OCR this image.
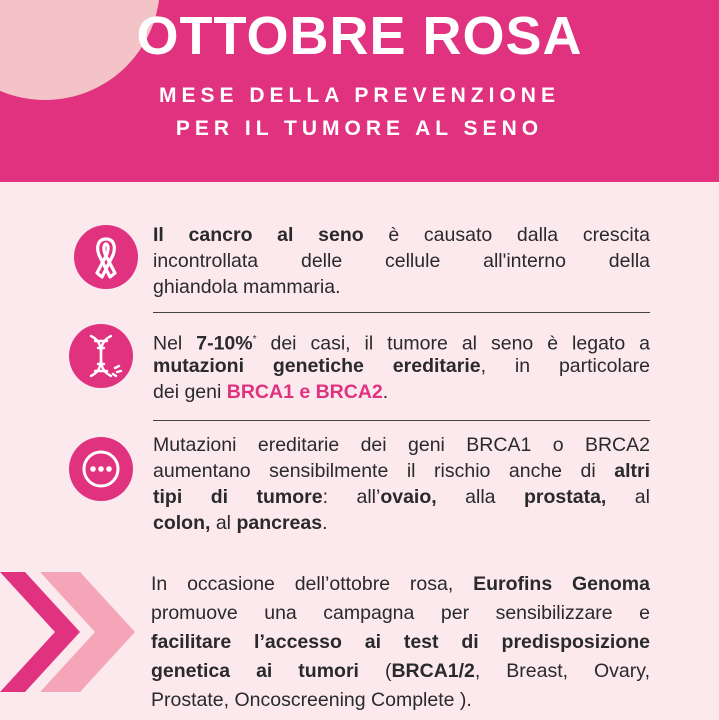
OTTOBRE ROSA
MESE DELLA PREVENZIONE
PER IL TUMORE AL SENO
Il cancro al seno è causato dalla crescita
incontrollata delle cellule all'interno della
ghiandola mammaria.
Nel 7-10%* dei casi, il tumore al seno è legato a
mutazioni genetiche ereditarie, in particolare
dei geni BRCA1 e BRCA2.
Mutazioni ereditarie dei geni BRCA1 o BRCA2
aumentano sensibilmente il rischio anche di altri
tipi di tumore: all’ovaio, alla prostata, al
colon, al pancreas.
In occasione dell’ottobre rosa, Eurofins Genoma
promuove una campagna per sensibilizzare e
facilitare l’accesso ai test di predisposizione
genetica ai tumori (BRCA1/2, Breast, Ovary,
Prostate, Oncoscreening Complete ).
